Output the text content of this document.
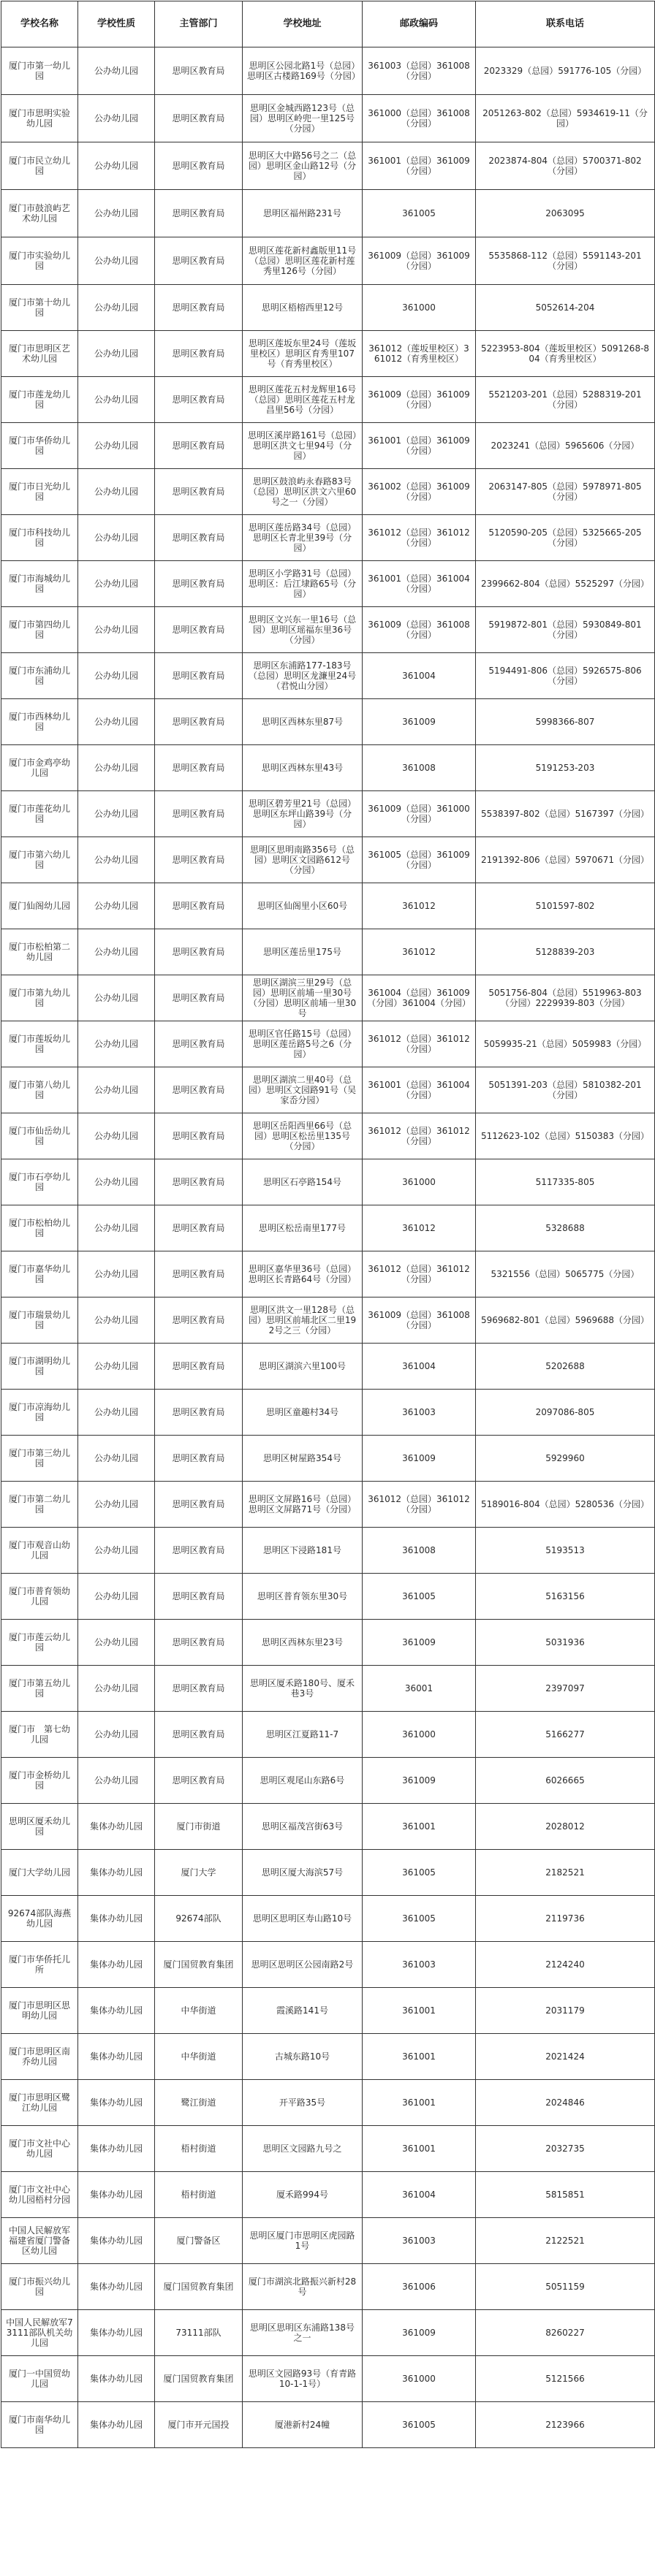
学校名称	学校性质	主管部门	学校地址	邮政编码	联系电话
厦门市第一幼儿园	公办幼儿园	思明区教育局	思明区公园北路1号（总园）思明区古楼路169号（分园）	361003（总园）361008（分园）	2023329（总园）591776-105（分园）
厦门市思明实验幼儿园	公办幼儿园	思明区教育局	思明区金城西路123号（总园）思明区岭兜一里125号（分园）	361000（总园）361008（分园）	2051263-802（总园）5934619-11（分园）
厦门市民立幼儿园	公办幼儿园	思明区教育局	思明区大中路56号之二（总园）思明区金山路12号（分园）	361001（总园）361009（分园）	2023874-804（总园）5700371-802（分园）
厦门市鼓浪屿艺术幼儿园	公办幼儿园	思明区教育局	思明区福州路231号	361005	2063095
厦门市实验幼儿园	公办幼儿园	思明区教育局	思明区莲花新村鑫版里11号（总园）思明区莲花新村莲秀里126号（分园）	361009（总园）361009（分园）	5535868-112（总园）5591143-201（分园）
厦门市第十幼儿园	公办幼儿园	思明区教育局	思明区梧榕西里12号	361000	5052614-204
厦门市思明区艺术幼儿园	公办幼儿园	思明区教育局	思明区莲坂东里24号（莲坂里校区）思明区育秀里107号（育秀里校区）	361012（莲坂里校区）361012（育秀里校区）	5223953-804（莲坂里校区）5091268-804（育秀里校区）
厦门市莲龙幼儿园	公办幼儿园	思明区教育局	思明区莲花五村龙辉里16号（总园）思明区莲花五村龙昌里56号（分园）	361009（总园）361009（分园）	5521203-201（总园）5288319-201（分园）
厦门市华侨幼儿园	公办幼儿园	思明区教育局	思明区溪岸路161号（总园）思明区洪文七里94号（分园）	361001（总园）361009（分园）	2023241（总园）5965606（分园）
厦门市日光幼儿园	公办幼儿园	思明区教育局	思明区鼓浪屿永春路83号（总园）思明区洪文六里60号之一（分园）	361002（总园）361009（分园）	2063147-805（总园）5978971-805（分园）
厦门市科技幼儿园	公办幼儿园	思明区教育局	思明区莲岳路34号（总园）思明区长青北里39号（分园）	361012（总园）361012（分园）	5120590-205（总园）5325665-205（分园）
厦门市海城幼儿园	公办幼儿园	思明区教育局	思明区小学路31号（总园）思明区：后江埭路65号（分园）	361001（总园）361004（分园）	2399662-804（总园）5525297（分园）
厦门市第四幼儿园	公办幼儿园	思明区教育局	思明区文兴东一里16号（总园）思明区瑶福东里36号（分园）	361009（总园）361008（分园）	5919872-801（总园）5930849-801（分园）
厦门市东浦幼儿园	公办幼儿园	思明区教育局	思明区东浦路177-183号（总园）思明区龙濂里24号（君悦山分园）	361004	5194491-806（总园）5926575-806（分园）
厦门市西林幼儿园	公办幼儿园	思明区教育局	思明区西林东里87号	361009	5998366-807
厦门市金鸡亭幼儿园	公办幼儿园	思明区教育局	思明区西林东里43号	361008	5191253-203
厦门市莲花幼儿园	公办幼儿园	思明区教育局	思明区碧芳里21号（总园）思明区东坪山路39号（分园）	361009（总园）361000（分园）	5538397-802（总园）5167397（分园）
厦门市第六幼儿园	公办幼儿园	思明区教育局	思明区思明南路356号（总园）思明区文园路612号（分园）	361005（总园）361009（分园）	2191392-806（总园）5970671（分园）
厦门仙阁幼儿园	公办幼儿园	思明区教育局	思明区仙阁里小区60号	361012	5101597-802
厦门市松柏第二幼儿园	公办幼儿园	思明区教育局	思明区莲岳里175号	361012	5128839-203
厦门市第九幼儿园	公办幼儿园	思明区教育局	思明区湖滨三里29号（总园）思明区前埔一里30号（分园）思明区前埔一里30号	361004（总园）361009（分园）361004（分园）	5051756-804（总园）5519963-803（分园）2229939-803（分园）
厦门市莲坂幼儿园	公办幼儿园	思明区教育局	思明区官任路15号（总园）思明区莲岳路5号之6（分园）	361012（总园）361012（分园）	5059935-21（总园）5059983（分园）
厦门市第八幼儿园	公办幼儿园	思明区教育局	思明区湖滨二里40号（总园）思明区文园路91号（吴家岙分园）	361001（总园）361004（分园）	5051391-203（总园）5810382-201（分园）
厦门市仙岳幼儿园	公办幼儿园	思明区教育局	思明区岳阳西里66号（总园）思明区松岳里135号（分园）	361012（总园）361012（分园）	5112623-102（总园）5150383（分园）
厦门市石亭幼儿园	公办幼儿园	思明区教育局	思明区石亭路154号	361000	5117335-805
厦门市松柏幼儿园	公办幼儿园	思明区教育局	思明区松岳南里177号	361012	5328688
厦门市嘉华幼儿园	公办幼儿园	思明区教育局	思明区嘉华里36号（总园）思明区长青路64号（分园）	361012（总园）361012（分园）	5321556（总园）5065775（分园）
厦门市瑞景幼儿园	公办幼儿园	思明区教育局	思明区洪文一里128号（总园）思明区前埔北区二里192号之三（分园）	361009（总园）361008（分园）	5969682-801（总园）5969688（分园）
厦门市湖明幼儿园	公办幼儿园	思明区教育局	思明区湖滨六里100号	361004	5202688
厦门市凉海幼儿园	公办幼儿园	思明区教育局	思明区童趣村34号	361003	2097086-805
厦门市第三幼儿园	公办幼儿园	思明区教育局	思明区树屋路354号	361009	5929960
厦门市第二幼儿园	公办幼儿园	思明区教育局	思明区文屏路16号（总园）思明区文屏路71号（分园）	361012（总园）361012（分园）	5189016-804（总园）5280536（分园）
厦门市观音山幼儿园	公办幼儿园	思明区教育局	思明区下浸路181号	361008	5193513
厦门市普育领幼儿园	公办幼儿园	思明区教育局	思明区普育领东里30号	361005	5163156
厦门市莲云幼儿园	公办幼儿园	思明区教育局	思明区西林东里23号	361009	5031936
厦门市第五幼儿园	公办幼儿园	思明区教育局	思明区厦禾路180号、厦禾巷3号	36001	2397097
厦门市　第七幼儿园	公办幼儿园	思明区教育局	思明区江夏路11-7	361000	5166277
厦门市金桥幼儿园	公办幼儿园	思明区教育局	思明区观尾山东路6号	361009	6026665
思明区厦禾幼儿园	集体办幼儿园	厦门市街道	思明区福茂宫街63号	361001	2028012
厦门大学幼儿园	集体办幼儿园	厦门大学	思明区厦大海滨57号	361005	2182521
92674部队海燕幼儿园	集体办幼儿园	92674部队	思明区思明区寿山路10号	361005	2119736
厦门市华侨托儿所	集体办幼儿园	厦门国贸教育集团	思明区思明区公园南路2号	361003	2124240
厦门市思明区思明幼儿园	集体办幼儿园	中华街道	霞溪路141号	361001	2031179
厦门市思明区南乔幼儿园	集体办幼儿园	中华街道	古城东路10号	361001	2021424
厦门市思明区鹭江幼儿园	集体办幼儿园	鹭江街道	开平路35号	361001	2024846
厦门市文社中心幼儿园	集体办幼儿园	梧村街道	思明区文园路九号之	361001	2032735
厦门市文社中心幼儿园梧村分园	集体办幼儿园	梧村街道	厦禾路994号	361004	5815851
中国人民解放军福建省厦门警备区幼儿园	集体办幼儿园	厦门警备区	思明区厦门市思明区虎园路1号	361003	2122521
厦门市振兴幼儿园	集体办幼儿园	厦门国贸教育集团	厦门市湖滨北路振兴新村28号	361006	5051159
中国人民解放军73111部队机关幼儿园	集体办幼儿园	73111部队	思明区思明区东浦路138号之一	361009	8260227
厦门一中国贸幼儿园	集体办幼儿园	厦门国贸教育集团	思明区文园路93号（育青路10-1-1号）	361000	5121566
厦门市南华幼儿园	集体办幼儿园	厦门市开元国投	厦港新村24幢	361005	2123966
